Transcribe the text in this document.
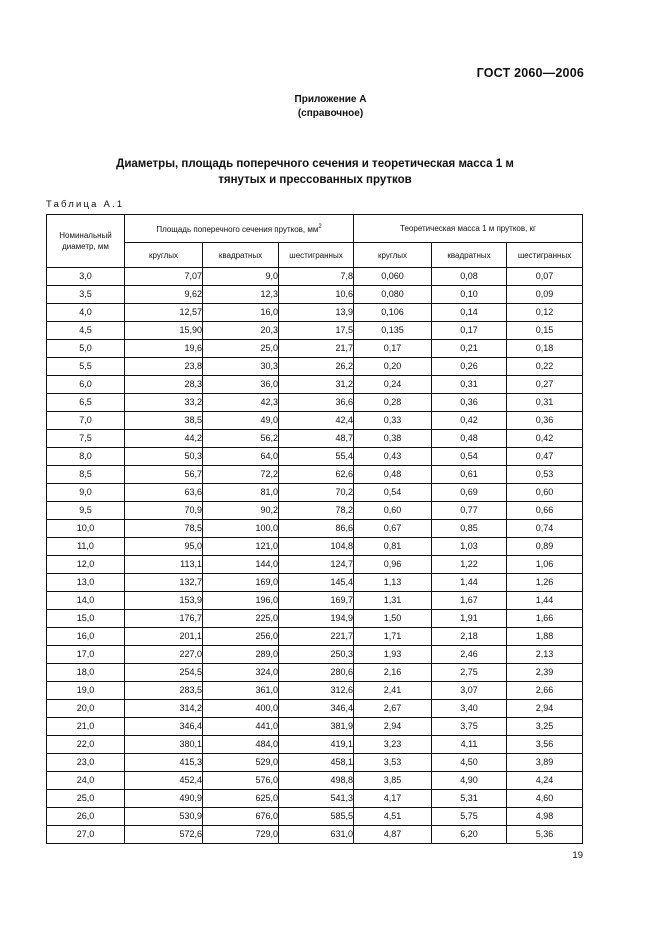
ГОСТ 2060—2006
Приложение А
(справочное)
Диаметры, площадь поперечного сечения и теоретическая масса 1 м
тянутых и прессованных прутков
Таблица А.1
Номинальный диаметр, мм	Площадь поперечного сечения прутков, $мм^2$			Теоретическая масса 1 м прутков, кг		
	круглых	квадратных	шестигранных	круглых	квадратных	шестигранных
3,0	7,07	9,0	7,8	0,060	0,08	0,07
3,5	9,62	12,3	10,6	0,080	0,10	0,09
4,0	12,57	16,0	13,9	0,106	0,14	0,12
4,5	15,90	20,3	17,5	0,135	0,17	0,15
5,0	19,6	25,0	21,7	0,17	0,21	0,18
5,5	23,8	30,3	26,2	0,20	0,26	0,22
6,0	28,3	36,0	31,2	0,24	0,31	0,27
6,5	33,2	42,3	36,6	0,28	0,36	0,31
7,0	38,5	49,0	42,4	0,33	0,42	0,36
7,5	44,2	56,2	48,7	0,38	0,48	0,42
8,0	50,3	64,0	55,4	0,43	0,54	0,47
8,5	56,7	72,2	62,6	0,48	0,61	0,53
9,0	63,6	81,0	70,2	0,54	0,69	0,60
9,5	70,9	90,2	78,2	0,60	0,77	0,66
10,0	78,5	100,0	86,6	0,67	0,85	0,74
11,0	95,0	121,0	104,8	0,81	1,03	0,89
12,0	113,1	144,0	124,7	0,96	1,22	1,06
13,0	132,7	169,0	145,4	1,13	1,44	1,26
14,0	153,9	196,0	169,7	1,31	1,67	1,44
15,0	176,7	225,0	194,9	1,50	1,91	1,66
16,0	201,1	256,0	221,7	1,71	2,18	1,88
17,0	227,0	289,0	250,3	1,93	2,46	2,13
18,0	254,5	324,0	280,6	2,16	2,75	2,39
19,0	283,5	361,0	312,6	2,41	3,07	2,66
20,0	314,2	400,0	346,4	2,67	3,40	2,94
21,0	346,4	441,0	381,9	2,94	3,75	3,25
22,0	380,1	484,0	419,1	3,23	4,11	3,56
23,0	415,3	529,0	458,1	3,53	4,50	3,89
24,0	452,4	576,0	498,8	3,85	4,90	4,24
25,0	490,9	625,0	541,3	4,17	5,31	4,60
26,0	530,9	676,0	585,5	4,51	5,75	4,98
27,0	572,6	729,0	631,0	4,87	6,20	5,36
19
